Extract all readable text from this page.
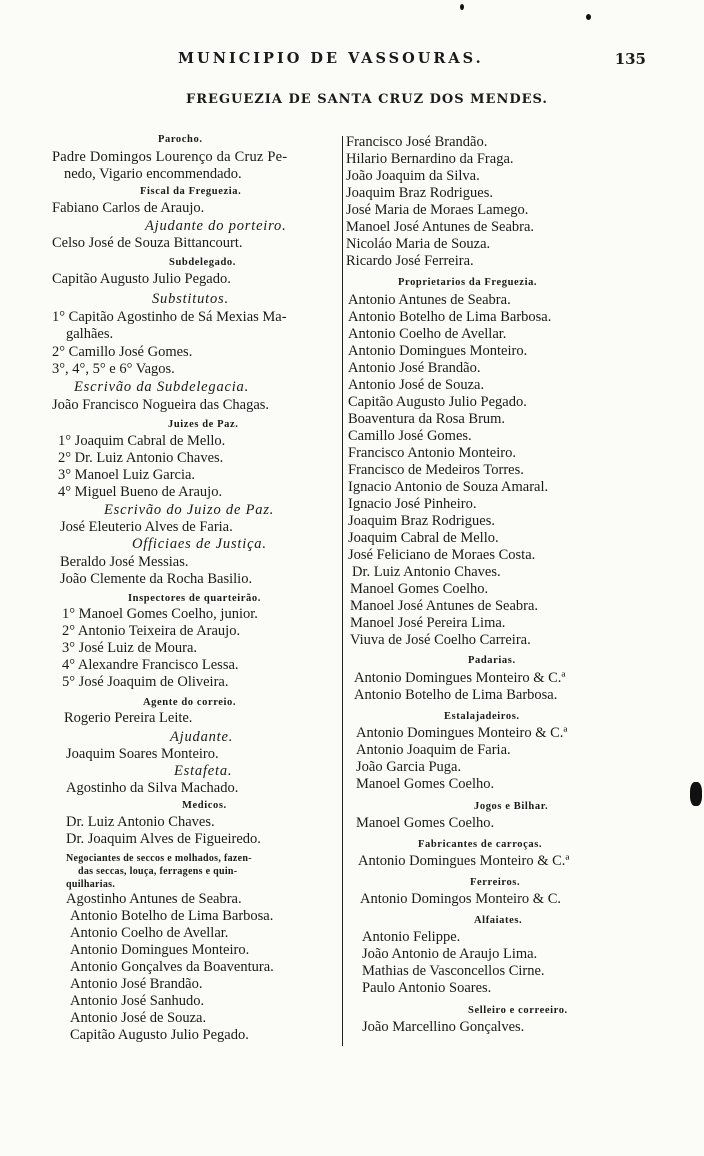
MUNICIPIO DE VASSOURAS.	135
FREGUEZIA DE SANTA CRUZ DOS MENDES.
Parocho.
Padre Domingos Lourenço da Cruz Pe-
nedo, Vigario encommendado.
Fiscal da Freguezia.
Fabiano Carlos de Araujo.
Ajudante do porteiro.
Celso José de Souza Bittancourt.
Subdelegado.
Capitão Augusto Julio Pegado.
Substitutos.
1° Capitão Agostinho de Sá Mexias Ma-
galhães.
2° Camillo José Gomes.
3°, 4°, 5° e 6° Vagos.
Escrivão da Subdelegacia.
João Francisco Nogueira das Chagas.
Juizes de Paz.
1° Joaquim Cabral de Mello.
2° Dr. Luiz Antonio Chaves.
3° Manoel Luiz Garcia.
4° Miguel Bueno de Araujo.
Escrivão do Juizo de Paz.
José Eleuterio Alves de Faria.
Officiaes de Justiça.
Beraldo José Messias.
João Clemente da Rocha Basilio.
Inspectores de quarteirão.
1° Manoel Gomes Coelho, junior.
2° Antonio Teixeira de Araujo.
3° José Luiz de Moura.
4° Alexandre Francisco Lessa.
5° José Joaquim de Oliveira.
Agente do correio.
Rogerio Pereira Leite.
Ajudante.
Joaquim Soares Monteiro.
Estafeta.
Agostinho da Silva Machado.
Medicos.
Dr. Luiz Antonio Chaves.
Dr. Joaquim Alves de Figueiredo.
Negociantes de seccos e molhados, fazen-
das seccas, louça, ferragens e quin-
quilharias.
Agostinho Antunes de Seabra.
Antonio Botelho de Lima Barbosa.
Antonio Coelho de Avellar.
Antonio Domingues Monteiro.
Antonio Gonçalves da Boaventura.
Antonio José Brandão.
Antonio José Sanhudo.
Antonio José de Souza.
Capitão Augusto Julio Pegado.
Francisco José Brandão.
Hilario Bernardino da Fraga.
João Joaquim da Silva.
Joaquim Braz Rodrigues.
José Maria de Moraes Lamego.
Manoel José Antunes de Seabra.
Nicoláo Maria de Souza.
Ricardo José Ferreira.
Proprietarios da Freguezia.
Antonio Antunes de Seabra.
Antonio Botelho de Lima Barbosa.
Antonio Coelho de Avellar.
Antonio Domingues Monteiro.
Antonio José Brandão.
Antonio José de Souza.
Capitão Augusto Julio Pegado.
Boaventura da Rosa Brum.
Camillo José Gomes.
Francisco Antonio Monteiro.
Francisco de Medeiros Torres.
Ignacio Antonio de Souza Amaral.
Ignacio José Pinheiro.
Joaquim Braz Rodrigues.
Joaquim Cabral de Mello.
José Feliciano de Moraes Costa.
Dr. Luiz Antonio Chaves.
Manoel Gomes Coelho.
Manoel José Antunes de Seabra.
Manoel José Pereira Lima.
Viuva de José Coelho Carreira.
Padarias.
Antonio Domingues Monteiro & C.ª
Antonio Botelho de Lima Barbosa.
Estalajadeiros.
Antonio Domingues Monteiro & C.ª
Antonio Joaquim de Faria.
João Garcia Puga.
Manoel Gomes Coelho.
Jogos e Bilhar.
Manoel Gomes Coelho.
Fabricantes de carroças.
Antonio Domingues Monteiro & C.ª
Ferreiros.
Antonio Domingos Monteiro & C.
Alfaiates.
Antonio Felippe.
João Antonio de Araujo Lima.
Mathias de Vasconcellos Cirne.
Paulo Antonio Soares.
Selleiro e correeiro.
João Marcellino Gonçalves.
